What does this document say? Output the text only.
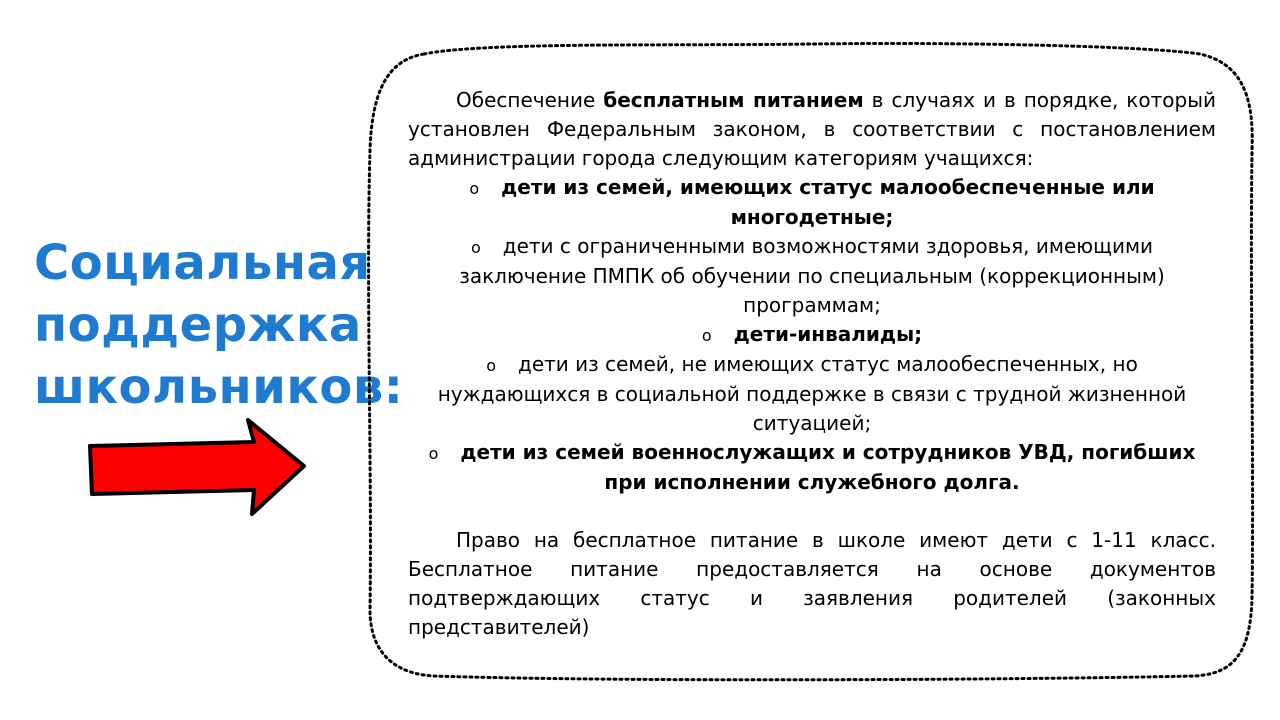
Социальная
поддержка
школьников:

Обеспечение бесплатным питанием в случаях и в порядке, который установлен Федеральным законом, в соответствии с постановлением администрации города следующим категориям учащихся:

o дети из семей, имеющих статус малообеспеченные или многодетные;
o дети с ограниченными возможностями здоровья, имеющими заключение ПМПК об обучении по специальным (коррекционным) программам;
o дети-инвалиды;
o дети из семей, не имеющих статус малообеспеченных, но нуждающихся в социальной поддержке в связи с трудной жизненной ситуацией;
o дети из семей военнослужащих и сотрудников УВД, погибших при исполнении служебного долга.

Право на бесплатное питание в школе имеют дети с 1-11 класс. Бесплатное питание предоставляется на основе документов подтверждающих статус и заявления родителей (законных представителей)
